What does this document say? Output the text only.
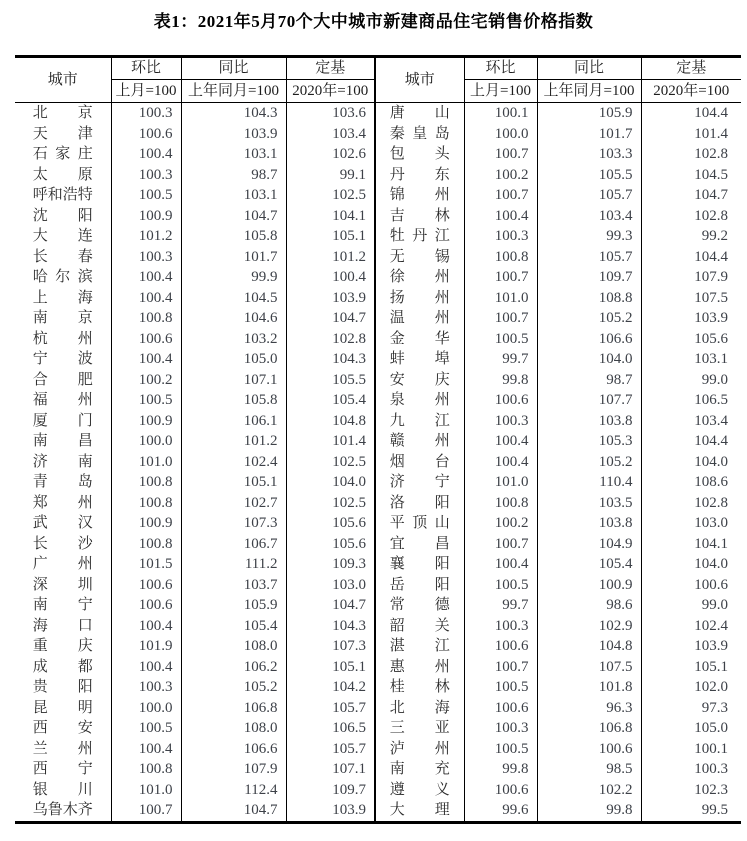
表1：2021年5月70个大中城市新建商品住宅销售价格指数
城市	环比	同比	定基	城市	环比	同比	定基
	上月=100	上年同月=100	2020年=100		上月=100	上年同月=100	2020年=100

北 京	100.3	104.3	103.6	唐 山	100.1	105.9	104.4

天 津	100.6	103.9	103.4	秦 皇 岛	100.0	101.7	101.4

石 家 庄	100.4	103.1	102.6	包 头	100.7	103.3	102.8

太 原	100.3	98.7	99.1	丹 东	100.2	105.5	104.5

呼 和 浩 特	100.5	103.1	102.5	锦 州	100.7	105.7	104.7

沈 阳	100.9	104.7	104.1	吉 林	100.4	103.4	102.8

大 连	101.2	105.8	105.1	牡 丹 江	100.3	99.3	99.2

长 春	100.3	101.7	101.2	无 锡	100.8	105.7	104.4

哈 尔 滨	100.4	99.9	100.4	徐 州	100.7	109.7	107.9

上 海	100.4	104.5	103.9	扬 州	101.0	108.8	107.5

南 京	100.8	104.6	104.7	温 州	100.7	105.2	103.9

杭 州	100.6	103.2	102.8	金 华	100.5	106.6	105.6

宁 波	100.4	105.0	104.3	蚌 埠	99.7	104.0	103.1

合 肥	100.2	107.1	105.5	安 庆	99.8	98.7	99.0

福 州	100.5	105.8	105.4	泉 州	100.6	107.7	106.5

厦 门	100.9	106.1	104.8	九 江	100.3	103.8	103.4

南 昌	100.0	101.2	101.4	赣 州	100.4	105.3	104.4

济 南	101.0	102.4	102.5	烟 台	100.4	105.2	104.0

青 岛	100.8	105.1	104.0	济 宁	101.0	110.4	108.6

郑 州	100.8	102.7	102.5	洛 阳	100.8	103.5	102.8

武 汉	100.9	107.3	105.6	平 顶 山	100.2	103.8	103.0

长 沙	100.8	106.7	105.6	宜 昌	100.7	104.9	104.1

广 州	101.5	111.2	109.3	襄 阳	100.4	105.4	104.0

深 圳	100.6	103.7	103.0	岳 阳	100.5	100.9	100.6

南 宁	100.6	105.9	104.7	常 德	99.7	98.6	99.0

海 口	100.4	105.4	104.3	韶 关	100.3	102.9	102.4

重 庆	101.9	108.0	107.3	湛 江	100.6	104.8	103.9

成 都	100.4	106.2	105.1	惠 州	100.7	107.5	105.1

贵 阳	100.3	105.2	104.2	桂 林	100.5	101.8	102.0

昆 明	100.0	106.8	105.7	北 海	100.6	96.3	97.3

西 安	100.5	108.0	106.5	三 亚	100.3	106.8	105.0

兰 州	100.4	106.6	105.7	泸 州	100.5	100.6	100.1

西 宁	100.8	107.9	107.1	南 充	99.8	98.5	100.3

银 川	101.0	112.4	109.7	遵 义	100.6	102.2	102.3

乌 鲁 木 齐	100.7	104.7	103.9	大 理	99.6	99.8	99.5
